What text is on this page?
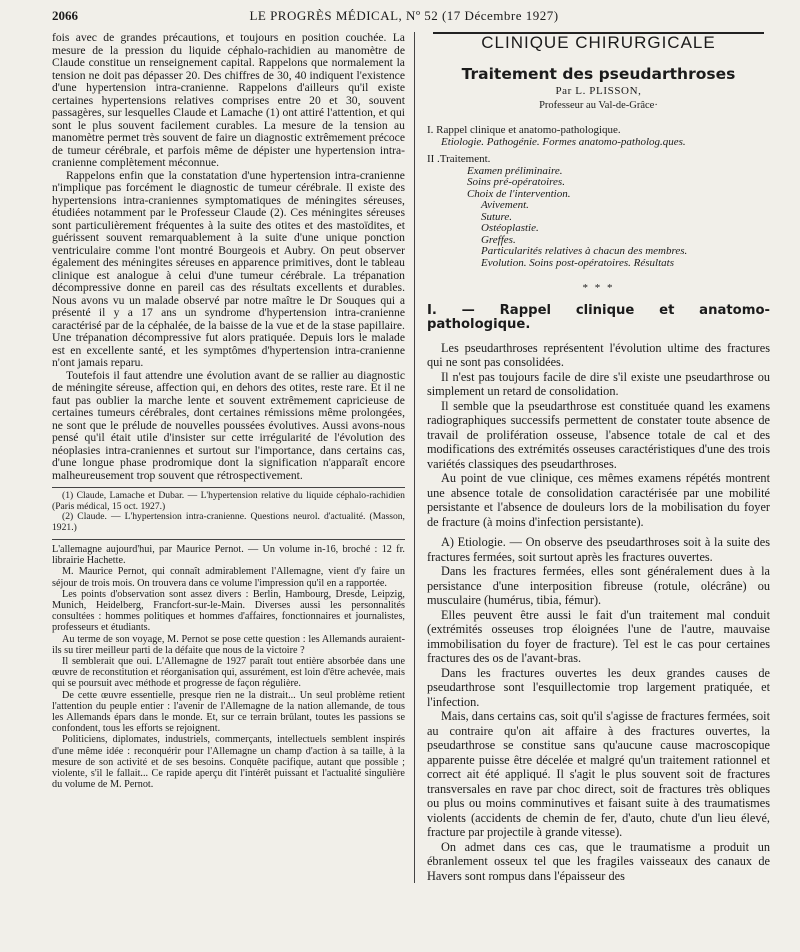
2066	LE PROGRÈS MÉDICAL, Nº 52 (17 Décembre 1927)

fois avec de grandes précautions, et toujours en position couchée. La mesure de la pression du liquide céphalo-rachidien au manomètre de Claude constitue un renseignement capital. Rappelons que normalement la tension ne doit pas dépasser 20. Des chiffres de 30, 40 indiquent l'existence d'une hypertension intra-cranienne. Rappelons d'ailleurs qu'il existe certaines hypertensions relatives comprises entre 20 et 30, souvent passagères, sur lesquelles Claude et Lamache (1) ont attiré l'attention, et qui sont le plus souvent facilement curables. La mesure de la tension au manomètre permet très souvent de faire un diagnostic extrêmement précoce de tumeur cérébrale, et parfois même de dépister une hypertension intra-cranienne complètement méconnue.

Rappelons enfin que la constatation d'une hypertension intra-cranienne n'implique pas forcément le diagnostic de tumeur cérébrale. Il existe des hypertensions intra-craniennes symptomatiques de méningites séreuses, étudiées notamment par le Professeur Claude (2). Ces méningites séreuses sont particulièrement fréquentes à la suite des otites et des mastoïdites, et guérissent souvent remarquablement à la suite d'une unique ponction ventriculaire comme l'ont montré Bourgeois et Aubry. On peut observer également des méningites séreuses en apparence primitives, dont le tableau clinique est analogue à celui d'une tumeur cérébrale. La trépanation décompressive donne en pareil cas des résultats excellents et durables. Nous avons vu un malade observé par notre maître le Dr Souques qui a présenté il y a 17 ans un syndrome d'hypertension intra-cranienne caractérisé par de la céphalée, de la baisse de la vue et de la stase papillaire. Une trépanation décompressive fut alors pratiquée. Depuis lors le malade est en excellente santé, et les symptômes d'hypertension intra-cranienne n'ont jamais reparu.

Toutefois il faut attendre une évolution avant de se rallier au diagnostic de méningite séreuse, affection qui, en dehors des otites, reste rare. Et il ne faut pas oublier la marche lente et souvent extrêmement capricieuse de certaines tumeurs cérébrales, dont certaines rémissions même prolongées, ne sont que le prélude de nouvelles poussées évolutives. Aussi avons-nous pensé qu'il était utile d'insister sur cette irrégularité de l'évolution des néoplasies intra-craniennes et surtout sur l'importance, dans certains cas, d'une longue phase prodromique dont la signification n'apparaît encore malheureusement trop souvent que rétrospectivement.

(1) Claude, Lamache et Dubar. — L'hypertension relative du liquide céphalo-rachidien (Paris médical, 15 oct. 1927.)
(2) Claude. — L'hypertension intra-cranienne. Questions neurol. d'actualité. (Masson, 1921.)

L'allemagne aujourd'hui, par Maurice Pernot. — Un volume in-16, broché : 12 fr. librairie Hachette.

M. Maurice Pernot, qui connaît admirablement l'Allemagne, vient d'y faire un séjour de trois mois. On trouvera dans ce volume l'impression qu'il en a rapportée.

Les points d'observation sont assez divers : Berlin, Hambourg, Dresde, Leipzig, Munich, Heidelberg, Francfort-sur-le-Main. Diverses aussi les personnalités consultées : hommes politiques et hommes d'affaires, fonctionnaires et journalistes, professeurs et étudiants.

Au terme de son voyage, M. Pernot se pose cette question : les Allemands auraient-ils su tirer meilleur parti de la défaite que nous de la victoire ?

Il semblerait que oui. L'Allemagne de 1927 paraît tout entière absorbée dans une œuvre de reconstitution et réorganisation qui, assurément, est loin d'être achevée, mais qui se poursuit avec méthode et progresse de façon régulière.

De cette œuvre essentielle, presque rien ne la distrait... Un seul problème retient l'attention du peuple entier : l'avenir de l'Allemagne de la nation allemande, de tous les Allemands épars dans le monde. Et, sur ce terrain brûlant, toutes les passions se confondent, tous les efforts se rejoignent.

Politiciens, diplomates, industriels, commerçants, intellectuels semblent inspirés d'une même idée : reconquérir pour l'Allemagne un champ d'action à sa taille, à la mesure de son activité et de ses besoins. Conquête pacifique, autant que possible ; violente, s'il le fallait... Ce rapide aperçu dit l'intérêt puissant et l'actualité singulière du volume de M. Pernot.

CLINIQUE CHIRURGICALE
Traitement des pseudarthroses
Par L. PLISSON,
Professeur au Val-de-Grâce·
I. Rappel clinique et anatomo-pathologique.
Etiologie. Pathogénie. Formes anatomo-patholog.ques.
II .Traitement.
Examen préliminaire.
Soins pré-opératoires.
Choix de l'intervention.
Avivement.
Suture.
Ostéoplastie.
Greffes.
Particularités relatives à chacun des membres.
Evolution. Soins post-opératoires. Résultats
* * *
I. — Rappel clinique et anatomo-pathologique.

Les pseudarthroses représentent l'évolution ultime des fractures qui ne sont pas consolidées.

Il n'est pas toujours facile de dire s'il existe une pseudarthrose ou simplement un retard de consolidation.

Il semble que la pseudarthrose est constituée quand les examens radiographiques successifs permettent de constater toute absence de travail de prolifération osseuse, l'absence totale de cal et des modifications des extrémités osseuses caractéristiques d'une des trois variétés classiques des pseudarthroses.

Au point de vue clinique, ces mêmes examens répétés montrent une absence totale de consolidation caractérisée par une mobilité persistante et l'absence de douleurs lors de la mobilisation du foyer de fracture (à moins d'infection persistante).

A) Etiologie. — On observe des pseudarthroses soit à la suite des fractures fermées, soit surtout après les fractures ouvertes.

Dans les fractures fermées, elles sont généralement dues à la persistance d'une interposition fibreuse (rotule, olécrâne) ou musculaire (humérus, tibia, fémur).

Elles peuvent être aussi le fait d'un traitement mal conduit (extrémités osseuses trop éloignées l'une de l'autre, mauvaise immobilisation du foyer de fracture). Tel est le cas pour certaines fractures des os de l'avant-bras.

Dans les fractures ouvertes les deux grandes causes de pseudarthrose sont l'esquillectomie trop largement pratiquée, et l'infection.

Mais, dans certains cas, soit qu'il s'agisse de fractures fermées, soit au contraire qu'on ait affaire à des fractures ouvertes, la pseudarthrose se constitue sans qu'aucune cause macroscopique apparente puisse être décelée et malgré qu'un traitement rationnel et correct ait été appliqué. Il s'agit le plus souvent soit de fractures transversales en rave par choc direct, soit de fractures très obliques ou plus ou moins comminutives et faisant suite à des traumatismes violents (accidents de chemin de fer, d'auto, chute d'un lieu élevé, fracture par projectile à grande vitesse).

On admet dans ces cas, que le traumatisme a produit un ébranlement osseux tel que les fragiles vaisseaux des canaux de Havers sont rompus dans l'épaisseur des
